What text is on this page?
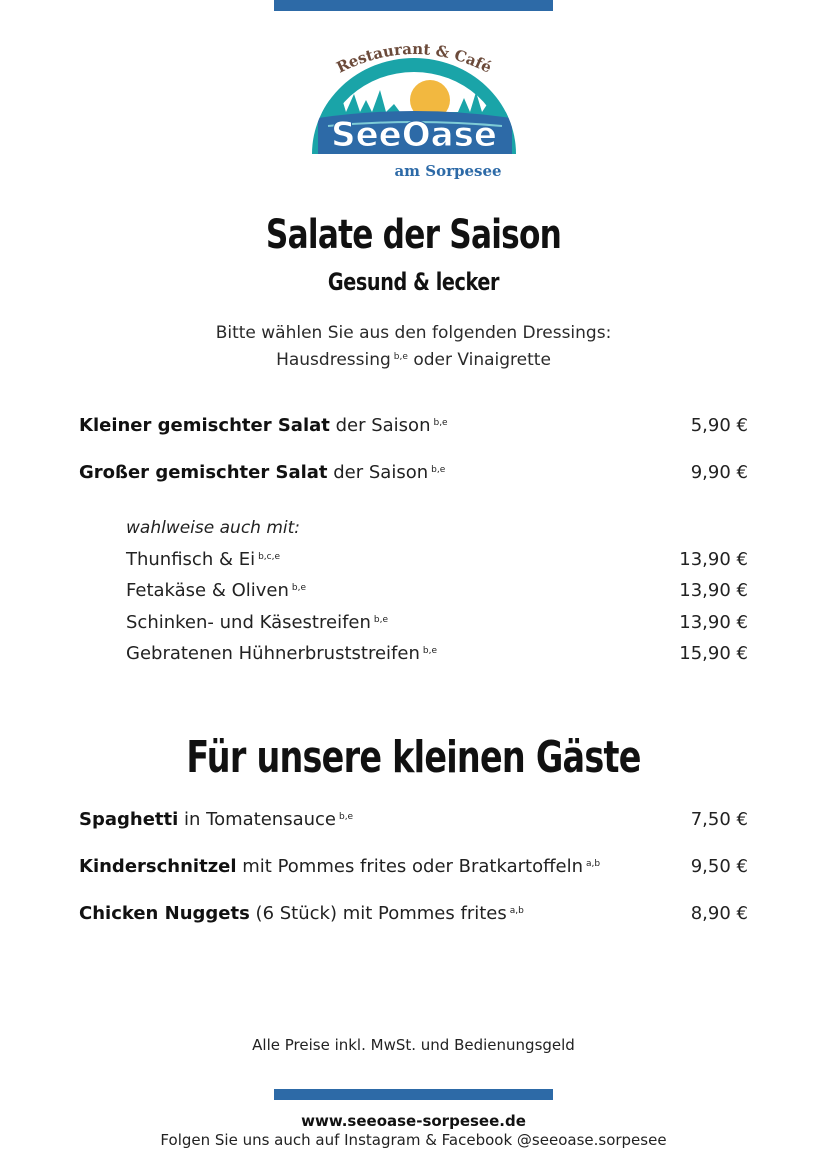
Restaurant & Café
SeeOase
am Sorpesee
Salate der Saison
Gesund & lecker
Bitte wählen Sie aus den folgenden Dressings:
Hausdressing $^{b,e}$ oder Vinaigrette
Kleiner gemischter Salat der Saison $^{b,e}$	5,90 €
Großer gemischter Salat der Saison $^{b,e}$	9,90 €
wahlweise auch mit:
Thunfisch & Ei $^{b,c,e}$	13,90 €
Fetakäse & Oliven $^{b,e}$	13,90 €
Schinken- und Käsestreifen $^{b,e}$	13,90 €
Gebratenen Hühnerbruststreifen $^{b,e}$	15,90 €
Für unsere kleinen Gäste
Spaghetti in Tomatensauce $^{b,e}$	7,50 €
Kinderschnitzel mit Pommes frites oder Bratkartoffeln $^{a,b}$	9,50 €
Chicken Nuggets (6 Stück) mit Pommes frites $^{a,b}$	8,90 €
Alle Preise inkl. MwSt. und Bedienungsgeld
www.seeoase-sorpesee.de
Folgen Sie uns auch auf Instagram & Facebook @seeoase.sorpesee
